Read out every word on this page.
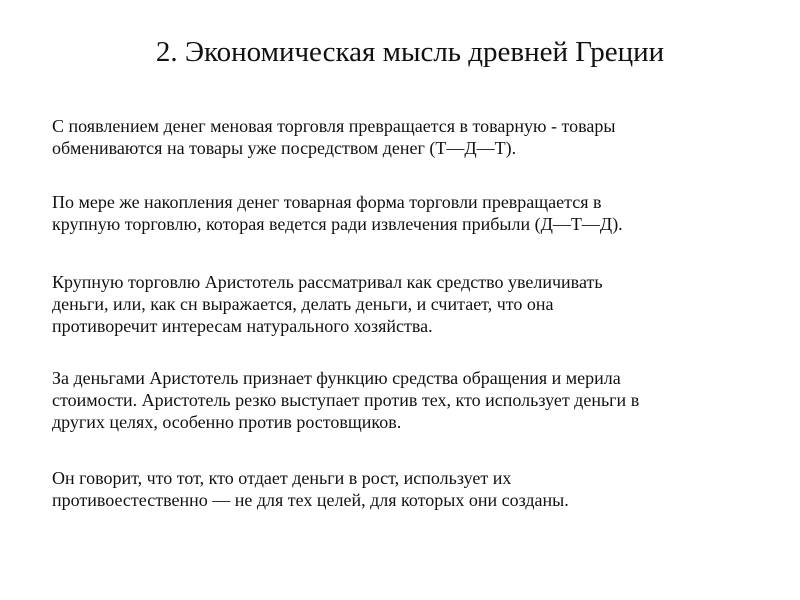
2. Экономическая мысль древней Греции

С появлением денег меновая торговля превращается в товарную - товары
обмениваются на товары уже посредством денег (Т—Д—Т).

По мере же накопления денег товарная форма торговли превращается в
крупную торговлю, которая ведется ради извлечения прибыли (Д—Т—Д).

Крупную торговлю Аристотель рассматривал как средство увеличивать
деньги, или, как сн выражается, делать деньги, и считает, что она
противоречит интересам натурального хозяйства.

За деньгами Аристотель признает функцию средства обращения и мерила
стоимости. Аристотель резко выступает против тех, кто использует деньги в
других целях, особенно против ростовщиков.

Он говорит, что тот, кто отдает деньги в рост, использует их
противоестественно — не для тех целей, для которых они созданы.
